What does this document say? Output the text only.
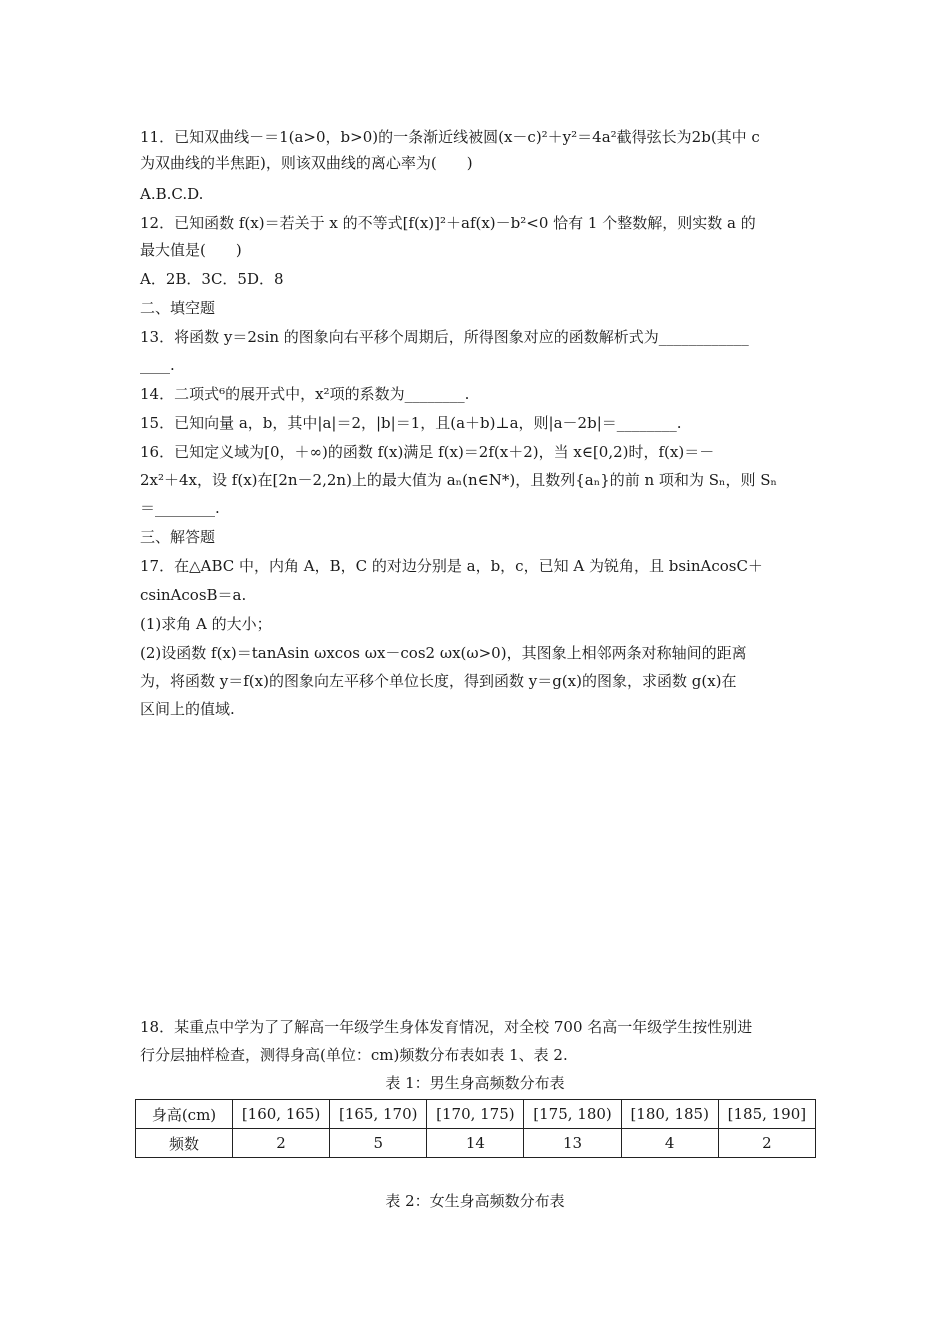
11．已知双曲线－＝1(a>0，b>0)的一条渐近线被圆(x－c)²＋y²＝4a²截得弦长为2b(其中 c
为双曲线的半焦距)，则该双曲线的离心率为(　　)
A.B.C.D.
12．已知函数 f(x)＝若关于 x 的不等式[f(x)]²＋af(x)－b²<0 恰有 1 个整数解，则实数 a 的
最大值是(　　)
A．2B．3C．5D．8
二、填空题
13．将函数 y＝2sin 的图象向右平移个周期后，所得图象对应的函数解析式为____________
____.
14．二项式⁶的展开式中，x²项的系数为________.
15．已知向量 a，b，其中|a|＝2，|b|＝1，且(a＋b)⊥a，则|a－2b|＝________.
16．已知定义域为[0，＋∞)的函数 f(x)满足 f(x)＝2f(x＋2)，当 x∈[0,2)时，f(x)＝－
2x²＋4x，设 f(x)在[2n－2,2n)上的最大值为 aₙ(n∈N*)，且数列{aₙ}的前 n 项和为 Sₙ，则 Sₙ
＝________.
三、解答题
17．在△ABC 中，内角 A，B，C 的对边分别是 a，b，c，已知 A 为锐角，且 bsinAcosC＋
csinAcosB＝a.
(1)求角 A 的大小；
(2)设函数 f(x)＝tanAsin ωxcos ωx－cos2 ωx(ω>0)，其图象上相邻两条对称轴间的距离
为，将函数 y＝f(x)的图象向左平移个单位长度，得到函数 y＝g(x)的图象，求函数 g(x)在
区间上的值域.
18．某重点中学为了了解高一年级学生身体发育情况，对全校 700 名高一年级学生按性别进
行分层抽样检查，测得身高(单位：cm)频数分布表如表 1、表 2.
表 1：男生身高频数分布表
身高(cm)	[160, 165)	[165, 170)	[170, 175)	[175, 180)	[180, 185)	[185, 190]
频数	2	5	14	13	4	2
表 2：女生身高频数分布表
